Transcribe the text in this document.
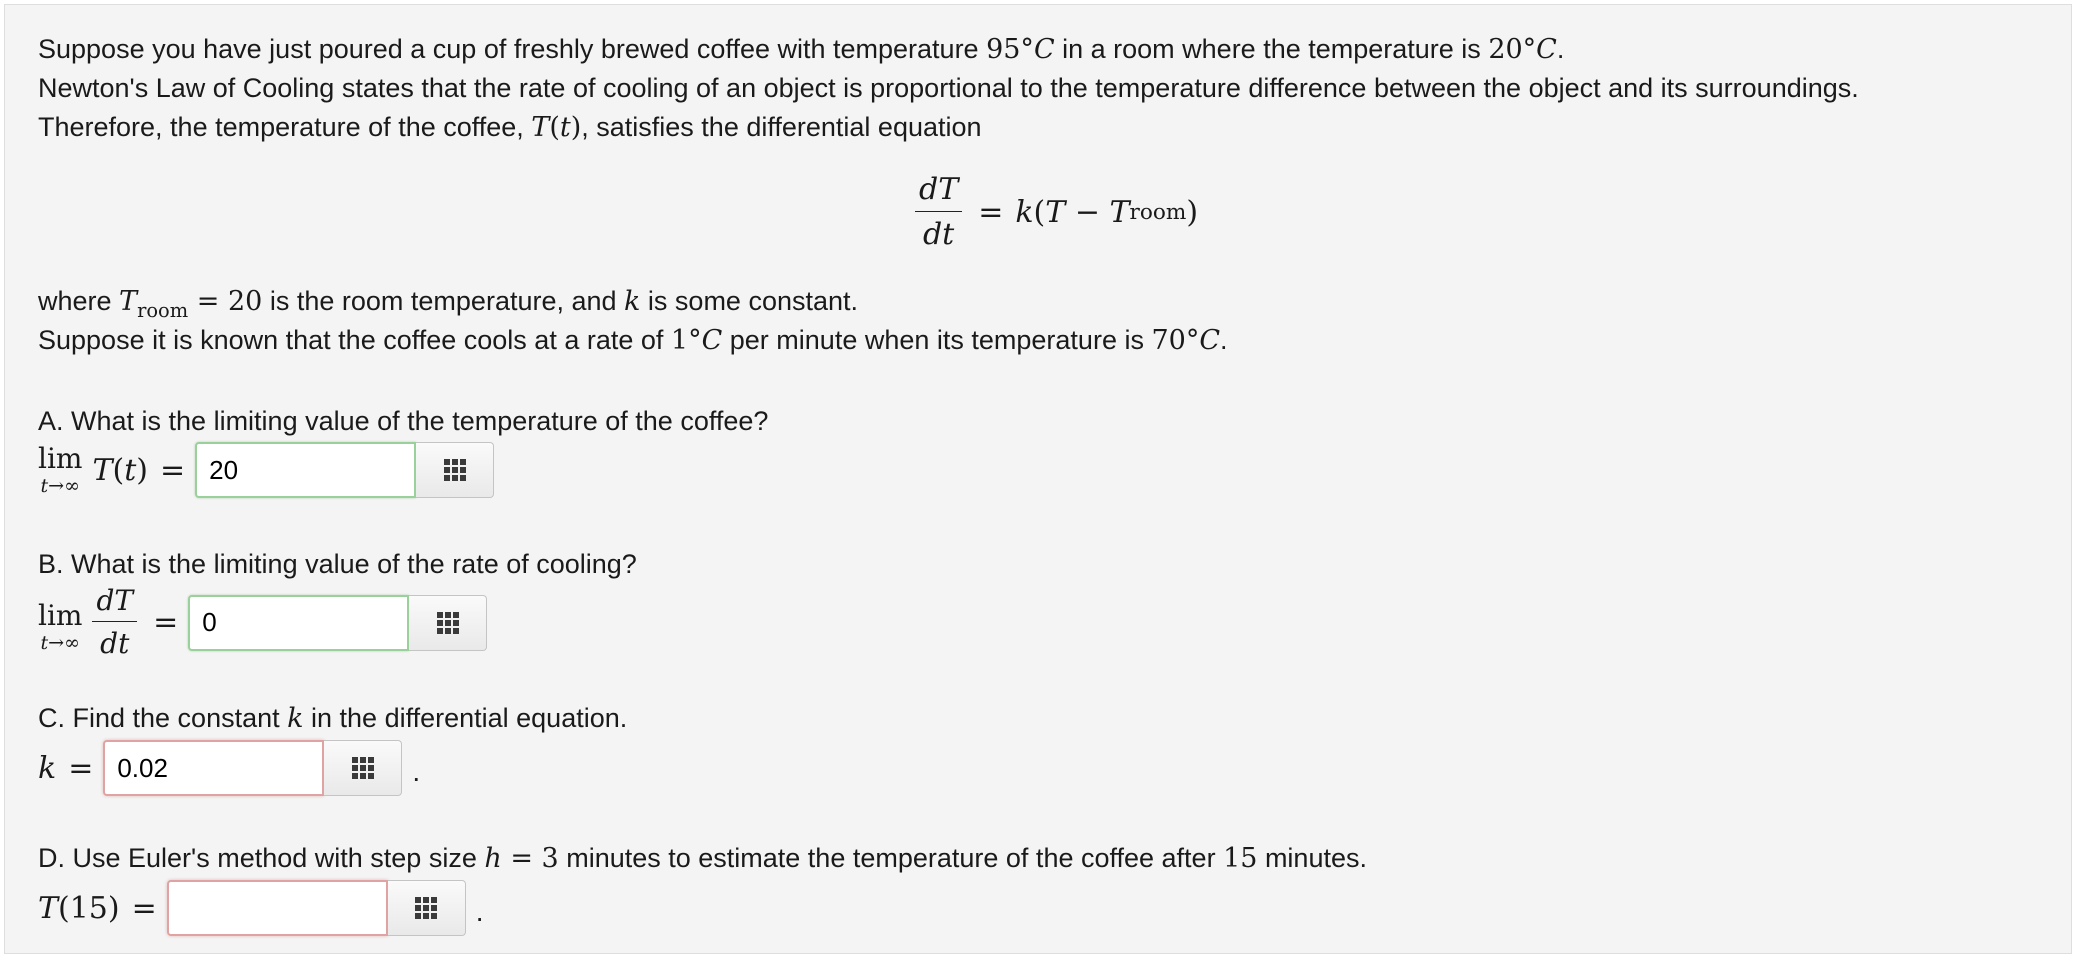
Suppose you have just poured a cup of freshly brewed coffee with temperature 95°C in a room where the temperature is 20°C.
Newton's Law of Cooling states that the rate of cooling of an object is proportional to the temperature difference between the object and its surroundings.
Therefore, the temperature of the coffee, T(t), satisfies the differential equation
$\frac{dT}{dt} = k$ ( T − T room )
where $T_{room} = 20$ is the room temperature, and k is some constant.
Suppose it is known that the coffee cools at a rate of 1°C per minute when its temperature is 70°C.
A. What is the limiting value of the temperature of the coffee?
lim
t→∞ T ( t ) =
20
B. What is the limiting value of the rate of cooling?
lim
$t\to\infty \frac{dT}{dt}$ =
0
C. Find the constant k in the differential equation.
k =
0.02	.
D. Use Euler's method with step size h = 3 minutes to estimate the temperature of the coffee after 15 minutes.
T (15) =	.
